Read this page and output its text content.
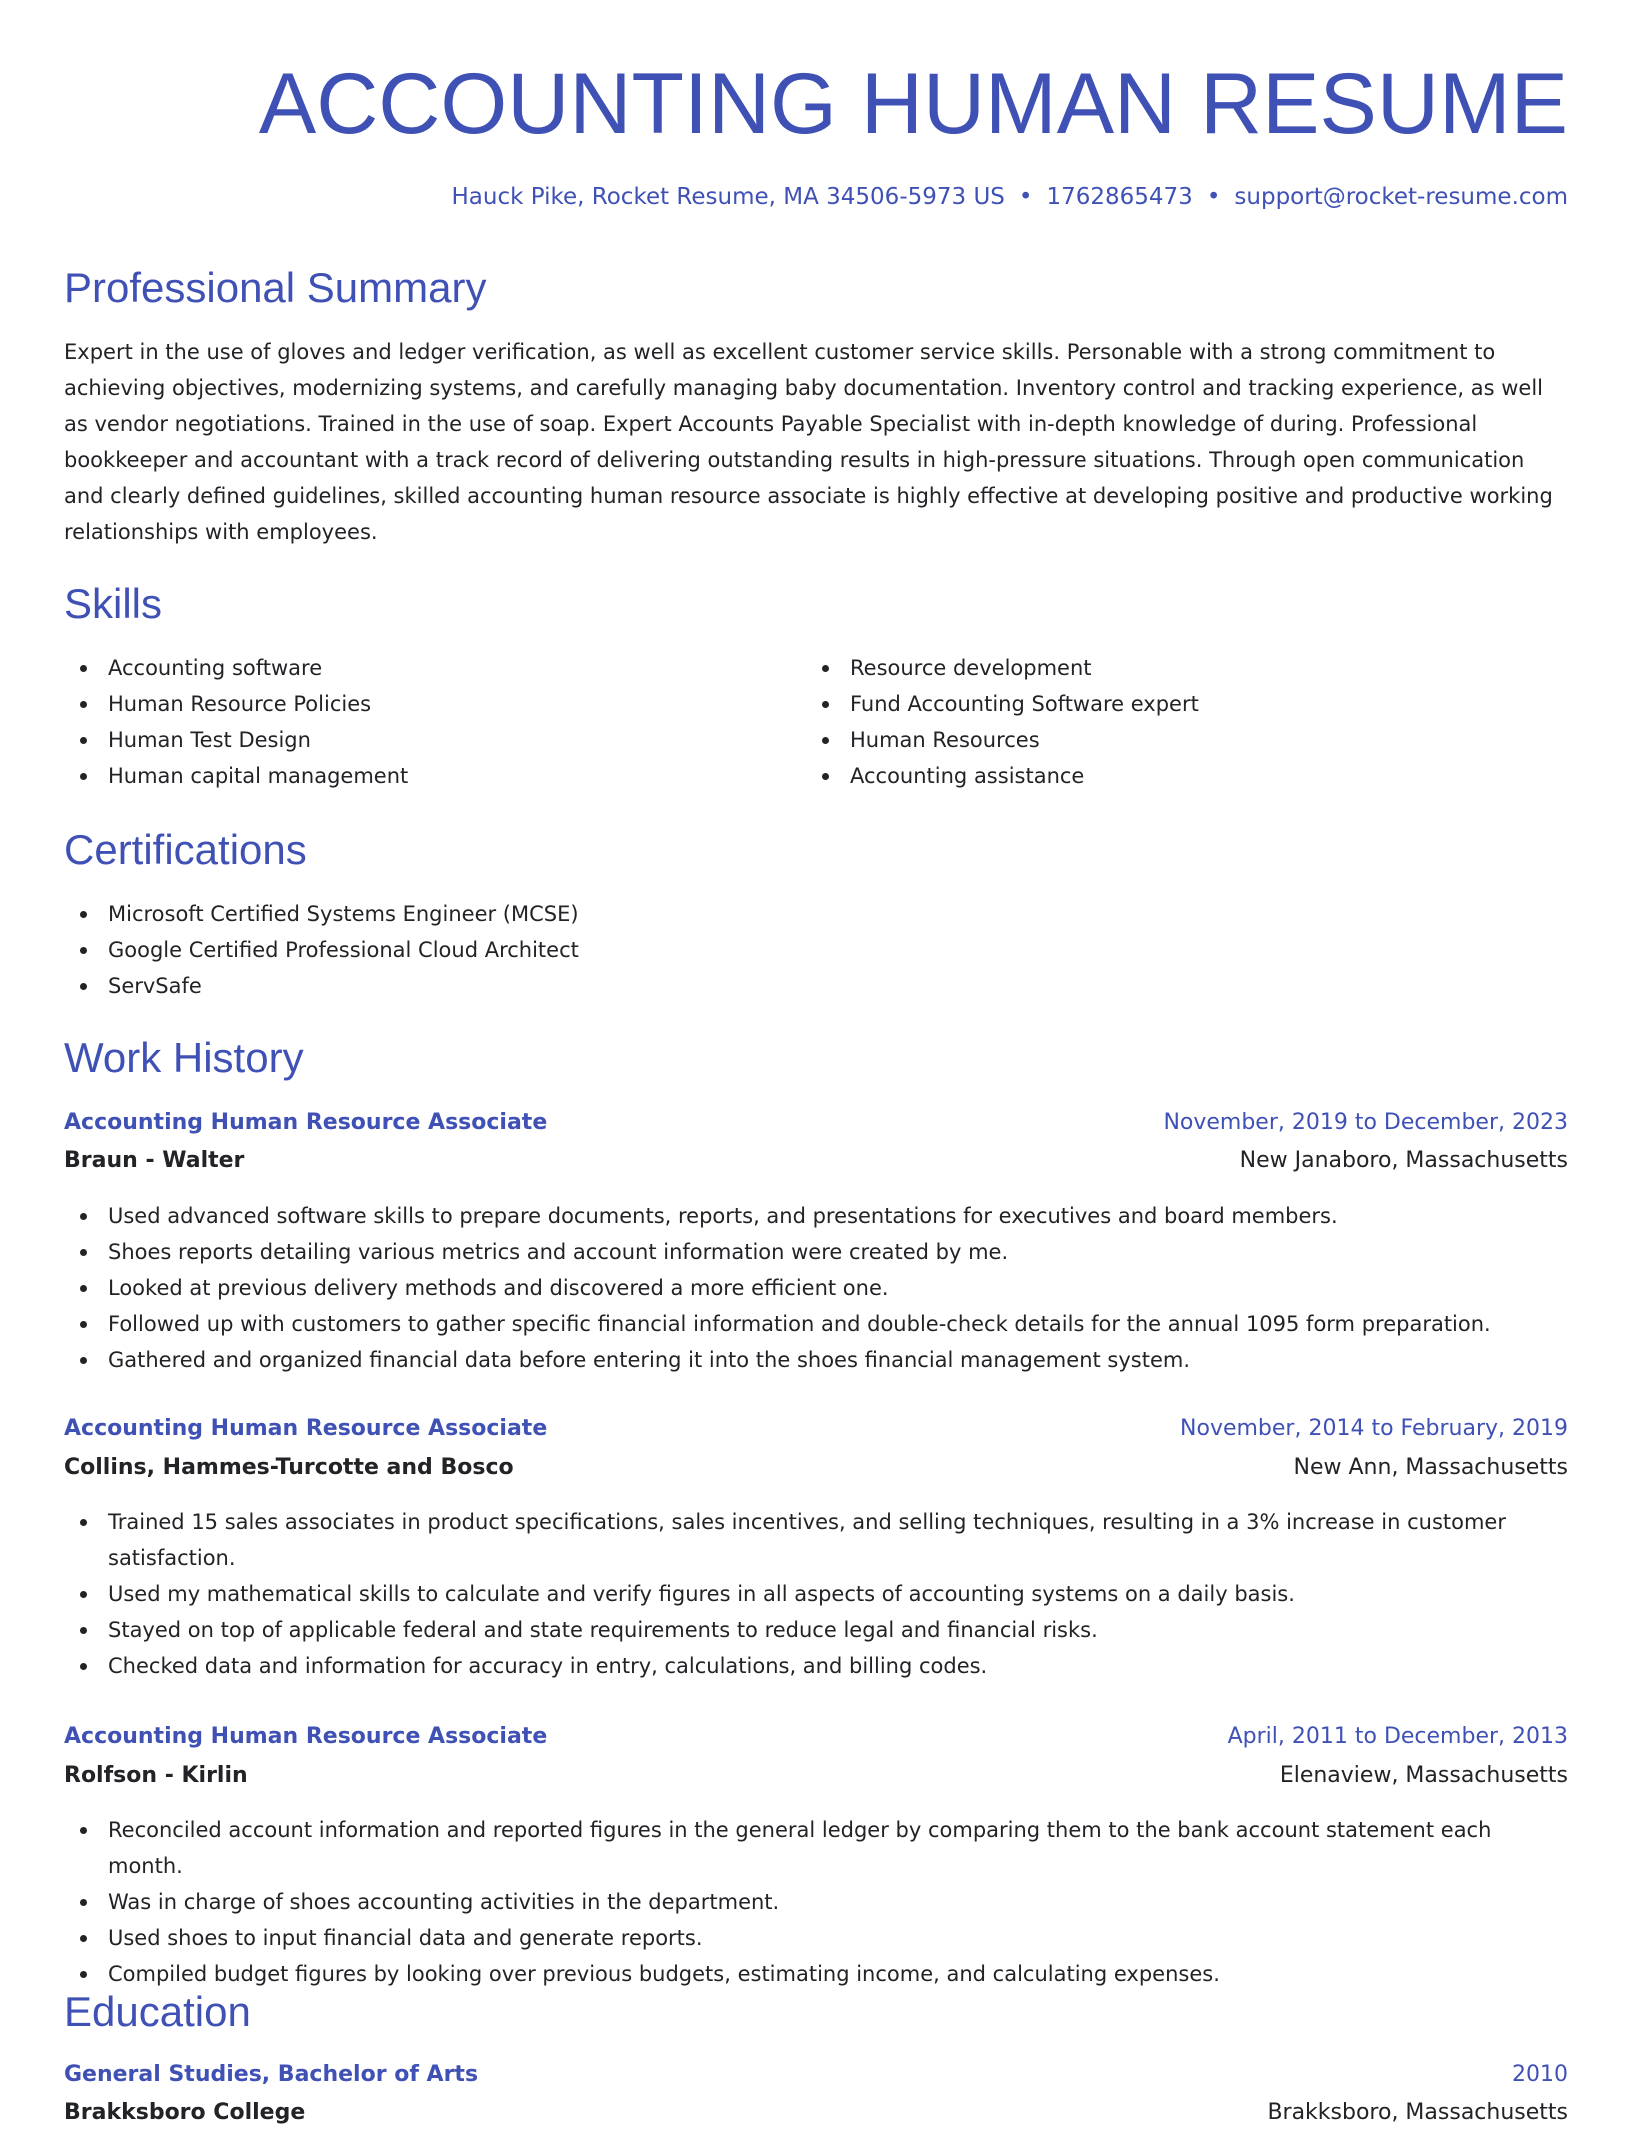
ACCOUNTING HUMAN RESUME
Hauck Pike, Rocket Resume, MA 34506-5973 US • 1762865473 • support@rocket-resume.com
Professional Summary

Expert in the use of gloves and ledger verification, as well as excellent customer service skills. Personable with a strong commitment to achieving objectives, modernizing systems, and carefully managing baby documentation. Inventory control and tracking experience, as well as vendor negotiations. Trained in the use of soap. Expert Accounts Payable Specialist with in-depth knowledge of during. Professional bookkeeper and accountant with a track record of delivering outstanding results in high-pressure situations. Through open communication and clearly defined guidelines, skilled accounting human resource associate is highly effective at developing positive and productive working relationships with employees.

Skills
Accounting software
Human Resource Policies
Human Test Design
Human capital management
Resource development
Fund Accounting Software expert
Human Resources
Accounting assistance
Certifications
Microsoft Certified Systems Engineer (MCSE)
Google Certified Professional Cloud Architect
ServSafe
Work History
Accounting Human Resource Associate	November, 2019 to December, 2023
Braun - Walter	New Janaboro, Massachusetts
Used advanced software skills to prepare documents, reports, and presentations for executives and board members.
Shoes reports detailing various metrics and account information were created by me.
Looked at previous delivery methods and discovered a more efficient one.
Followed up with customers to gather specific financial information and double-check details for the annual 1095 form preparation.
Gathered and organized financial data before entering it into the shoes financial management system.
Accounting Human Resource Associate	November, 2014 to February, 2019
Collins, Hammes-Turcotte and Bosco	New Ann, Massachusetts
Trained 15 sales associates in product specifications, sales incentives, and selling techniques, resulting in a 3% increase in customer satisfaction.
Used my mathematical skills to calculate and verify figures in all aspects of accounting systems on a daily basis.
Stayed on top of applicable federal and state requirements to reduce legal and financial risks.
Checked data and information for accuracy in entry, calculations, and billing codes.
Accounting Human Resource Associate	April, 2011 to December, 2013
Rolfson - Kirlin	Elenaview, Massachusetts
Reconciled account information and reported figures in the general ledger by comparing them to the bank account statement each month.
Was in charge of shoes accounting activities in the department.
Used shoes to input financial data and generate reports.
Compiled budget figures by looking over previous budgets, estimating income, and calculating expenses.
Education
General Studies, Bachelor of Arts	2010
Brakksboro College	Brakksboro, Massachusetts
